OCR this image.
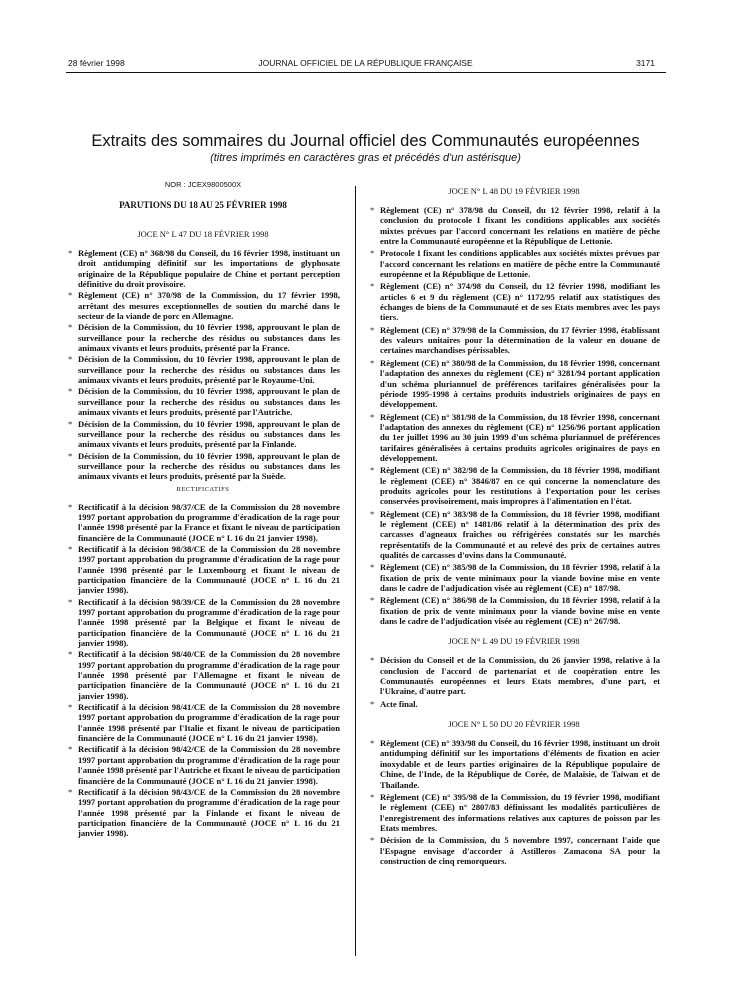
28 février 1998	JOURNAL OFFICIEL DE LA RÉPUBLIQUE FRANÇAISE	3171
Extraits des sommaires du Journal officiel des Communautés européennes
(titres imprimés en caractères gras et précédés d'un astérisque)
NOR : JCEX9800500X
PARUTIONS DU 18 AU 25 FÉVRIER 1998
JOCE N° L 47 DU 18 FÉVRIER 1998
* Règlement (CE) n° 368/98 du Conseil, du 16 février 1998, instituant un droit antidumping définitif sur les importations de glyphosate originaire de la République populaire de Chine et portant perception définitive du droit provisoire.
* Règlement (CE) n° 370/98 de la Commission, du 17 février 1998, arrêtant des mesures exceptionnelles de soutien du marché dans le secteur de la viande de porc en Allemagne.
* Décision de la Commission, du 10 février 1998, approuvant le plan de surveillance pour la recherche des résidus ou substances dans les animaux vivants et leurs produits, présenté par la France.
* Décision de la Commission, du 10 février 1998, approuvant le plan de surveillance pour la recherche des résidus ou substances dans les animaux vivants et leurs produits, présenté par le Royaume-Uni.
* Décision de la Commission, du 10 février 1998, approuvant le plan de surveillance pour la recherche des résidus ou substances dans les animaux vivants et leurs produits, présenté par l'Autriche.
* Décision de la Commission, du 10 février 1998, approuvant le plan de surveillance pour la recherche des résidus ou substances dans les animaux vivants et leurs produits, présenté par la Finlande.
* Décision de la Commission, du 10 février 1998, approuvant le plan de surveillance pour la recherche des résidus ou substances dans les animaux vivants et leurs produits, présenté par la Suède.
RECTIFICATIFS
* Rectificatif à la décision 98/37/CE de la Commission du 28 novembre 1997 portant approbation du programme d'éradication de la rage pour l'année 1998 présenté par la France et fixant le niveau de participation financière de la Communauté (JOCE n° L 16 du 21 janvier 1998).
* Rectificatif à la décision 98/38/CE de la Commission du 28 novembre 1997 portant approbation du programme d'éradication de la rage pour l'année 1998 présenté par le Luxembourg et fixant le niveau de participation financière de la Communauté (JOCE n° L 16 du 21 janvier 1998).
* Rectificatif à la décision 98/39/CE de la Commission du 28 novembre 1997 portant approbation du programme d'éradication de la rage pour l'année 1998 présenté par la Belgique et fixant le niveau de participation financière de la Communauté (JOCE n° L 16 du 21 janvier 1998).
* Rectificatif à la décision 98/40/CE de la Commission du 28 novembre 1997 portant approbation du programme d'éradication de la rage pour l'année 1998 présenté par l'Allemagne et fixant le niveau de participation financière de la Communauté (JOCE n° L 16 du 21 janvier 1998).
* Rectificatif à la décision 98/41/CE de la Commission du 28 novembre 1997 portant approbation du programme d'éradication de la rage pour l'année 1998 présenté par l'Italie et fixant le niveau de participation financière de la Communauté (JOCE n° L 16 du 21 janvier 1998).
* Rectificatif à la décision 98/42/CE de la Commission du 28 novembre 1997 portant approbation du programme d'éradication de la rage pour l'année 1998 présenté par l'Autriche et fixant le niveau de participation financière de la Communauté (JOCE n° L 16 du 21 janvier 1998).
* Rectificatif à la décision 98/43/CE de la Commission du 28 novembre 1997 portant approbation du programme d'éradication de la rage pour l'année 1998 présenté par la Finlande et fixant le niveau de participation financière de la Communauté (JOCE n° L 16 du 21 janvier 1998).
JOCE N° L 48 DU 19 FÉVRIER 1998
* Règlement (CE) n° 378/98 du Conseil, du 12 février 1998, relatif à la conclusion du protocole I fixant les conditions applicables aux sociétés mixtes prévues par l'accord concernant les relations en matière de pêche entre la Communauté européenne et la République de Lettonie.
* Protocole I fixant les conditions applicables aux sociétés mixtes prévues par l'accord concernant les relations en matière de pêche entre la Communauté européenne et la République de Lettonie.
* Règlement (CE) n° 374/98 du Conseil, du 12 février 1998, modifiant les articles 6 et 9 du règlement (CE) n° 1172/95 relatif aux statistiques des échanges de biens de la Communauté et de ses Etats membres avec les pays tiers.
* Règlement (CE) n° 379/98 de la Commission, du 17 février 1998, établissant des valeurs unitaires pour la détermination de la valeur en douane de certaines marchandises périssables.
* Règlement (CE) n° 380/98 de la Commission, du 18 février 1998, concernant l'adaptation des annexes du règlement (CE) n° 3281/94 portant application d'un schéma pluriannuel de préférences tarifaires généralisées pour la période 1995-1998 à certains produits industriels originaires de pays en développement.
* Règlement (CE) n° 381/98 de la Commission, du 18 février 1998, concernant l'adaptation des annexes du règlement (CE) n° 1256/96 portant application du 1er juillet 1996 au 30 juin 1999 d'un schéma pluriannuel de préférences tarifaires généralisées à certains produits agricoles originaires de pays en développement.
* Règlement (CE) n° 382/98 de la Commission, du 18 février 1998, modifiant le règlement (CEE) n° 3846/87 en ce qui concerne la nomenclature des produits agricoles pour les restitutions à l'exportation pour les cerises conservées provisoirement, mais impropres à l'alimentation en l'état.
* Règlement (CE) n° 383/98 de la Commission, du 18 février 1998, modifiant le règlement (CEE) n° 1481/86 relatif à la détermination des prix des carcasses d'agneaux fraîches ou réfrigérées constatés sur les marchés représentatifs de la Communauté et au relevé des prix de certaines autres qualités de carcasses d'ovins dans la Communauté.
* Règlement (CE) n° 385/98 de la Commission, du 18 février 1998, relatif à la fixation de prix de vente minimaux pour la viande bovine mise en vente dans le cadre de l'adjudication visée au règlement (CE) n° 187/98.
* Règlement (CE) n° 386/98 de la Commission, du 18 février 1998, relatif à la fixation de prix de vente minimaux pour la viande bovine mise en vente dans le cadre de l'adjudication visée au règlement (CE) n° 267/98.
JOCE N° L 49 DU 19 FÉVRIER 1998
* Décision du Conseil et de la Commission, du 26 janvier 1998, relative à la conclusion de l'accord de partenariat et de coopération entre les Communautés européennes et leurs Etats membres, d'une part, et l'Ukraine, d'autre part.
* Acte final.
JOCE N° L 50 DU 20 FÉVRIER 1998
* Règlement (CE) n° 393/98 du Conseil, du 16 février 1998, instituant un droit antidumping définitif sur les importations d'éléments de fixation en acier inoxydable et de leurs parties originaires de la République populaire de Chine, de l'Inde, de la République de Corée, de Malaisie, de Taïwan et de Thaïlande.
* Règlement (CE) n° 395/98 de la Commission, du 19 février 1998, modifiant le règlement (CEE) n° 2807/83 définissant les modalités particulières de l'enregistrement des informations relatives aux captures de poisson par les Etats membres.
* Décision de la Commission, du 5 novembre 1997, concernant l'aide que l'Espagne envisage d'accorder à Astilleros Zamacona SA pour la construction de cinq remorqueurs.
